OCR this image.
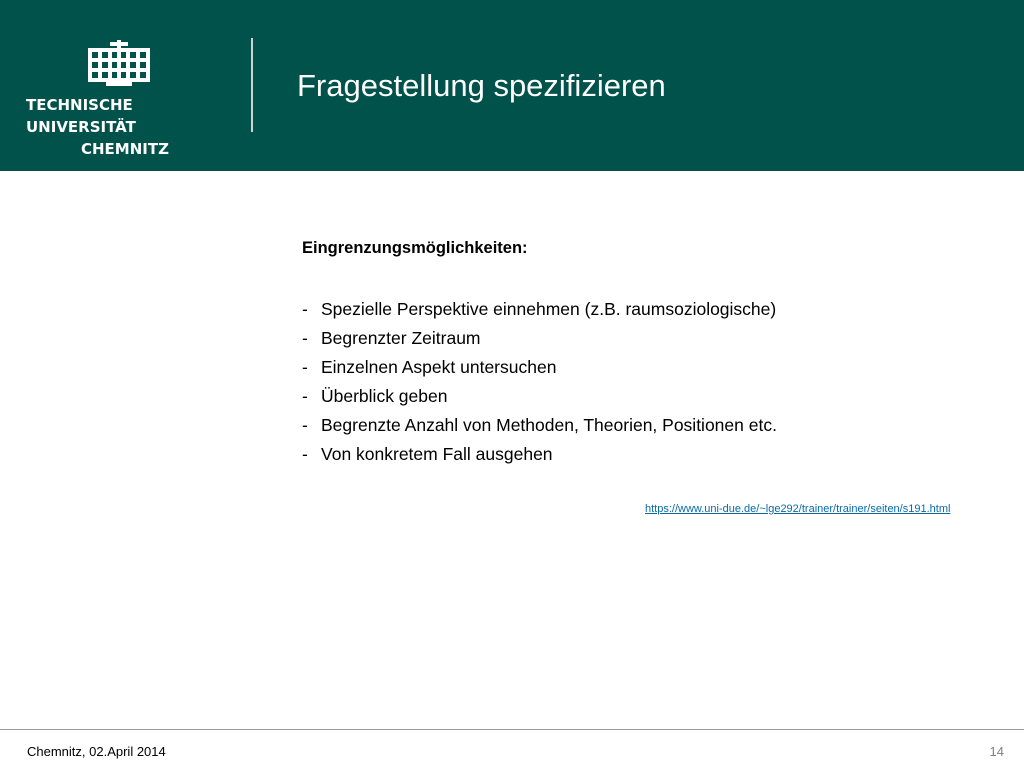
TECHNISCHE UNIVERSITÄT
CHEMNITZ
Fragestellung spezifizieren
Eingrenzungsmöglichkeiten:
- Spezielle Perspektive einnehmen (z.B. raumsoziologische)
- Begrenzter Zeitraum
- Einzelnen Aspekt untersuchen
- Überblick geben
- Begrenzte Anzahl von Methoden, Theorien, Positionen etc.
- Von konkretem Fall ausgehen
https://www.uni-due.de/~lge292/trainer/trainer/seiten/s191.html
Chemnitz, 02.April 2014	14
